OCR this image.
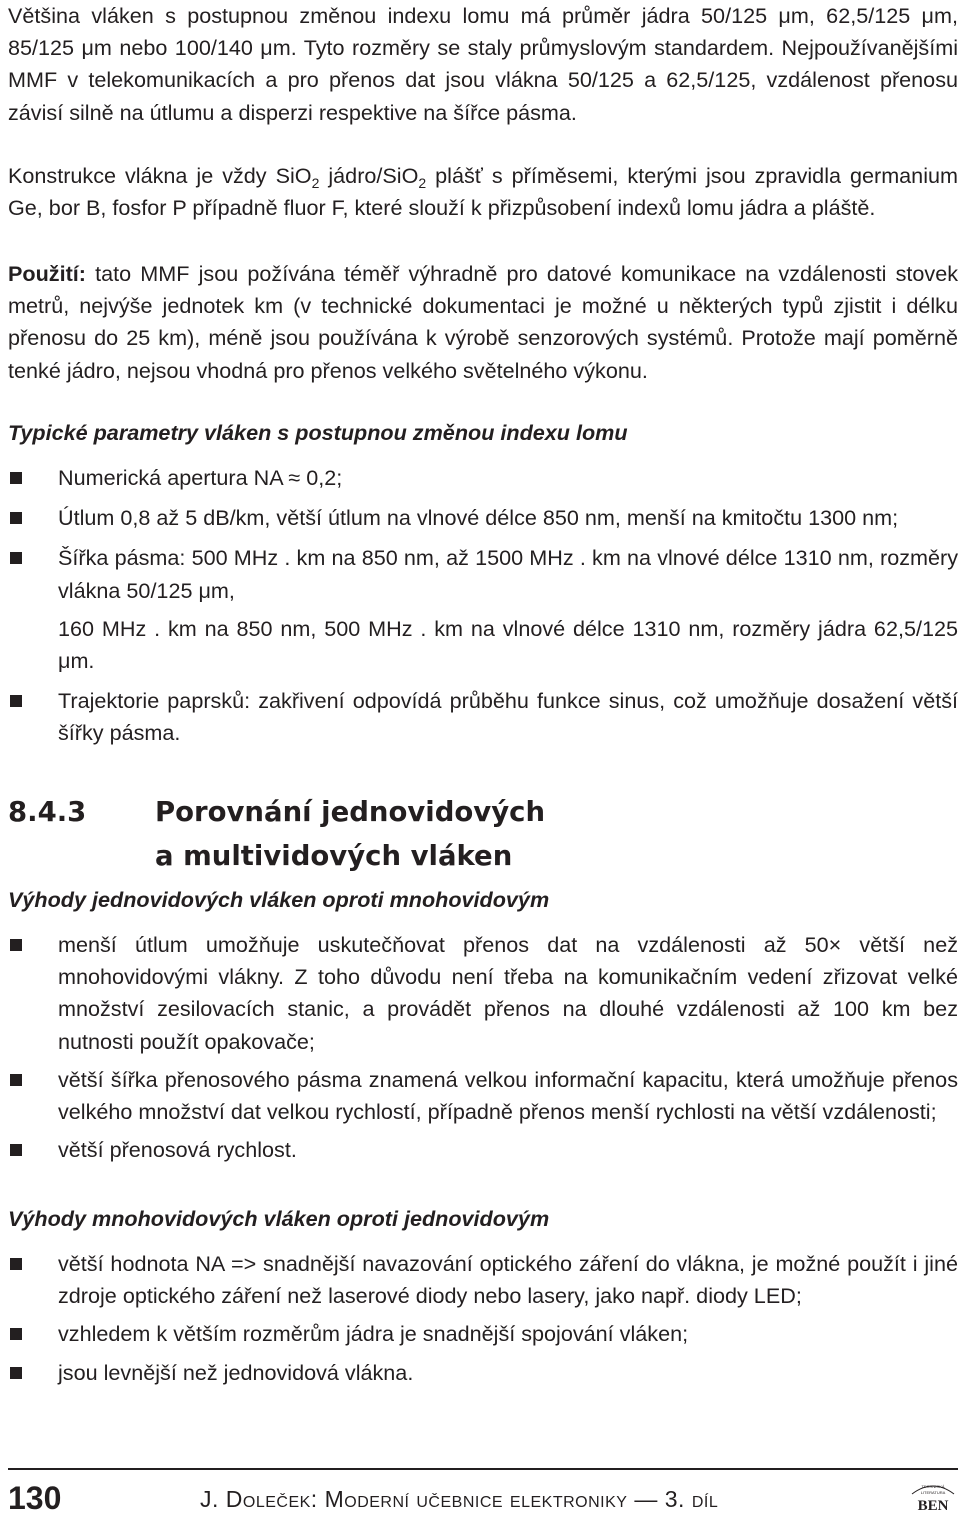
Většina vláken s postupnou změnou indexu lomu má průměr jádra 50/125 μm, 62,5/125 μm, 85/125 μm nebo 100/140 μm. Tyto rozměry se staly průmyslovým standardem. Nejpoužívanějšími MMF v telekomunikacích a pro přenos dat jsou vlákna 50/125 a 62,5/125, vzdálenost přenosu závisí silně na útlumu a disperzi respektive na šířce pásma.

Konstrukce vlákna je vždy SiO$_2$ jádro/SiO$_2$ plášť s příměsemi, kterými jsou zpravidla germanium Ge, bor B, fosfor P případně fluor F, které slouží k přizpůsobení indexů lomu jádra a pláště.

Použití: tato MMF jsou požívána téměř výhradně pro datové komunikace na vzdálenosti stovek metrů, nejvýše jednotek km (v technické dokumentaci je možné u některých typů zjistit i délku přenosu do 25 km), méně jsou používána k výrobě senzorových systémů. Protože mají poměrně tenké jádro, nejsou vhodná pro přenos velkého světelného výkonu.

Typické parametry vláken s postupnou změnou indexu lomu
Numerická apertura NA ≈ 0,2;
Útlum 0,8 až 5 dB/km, větší útlum na vlnové délce 850 nm, menší na kmitočtu 1300 nm;
Šířka pásma: 500 MHz . km na 850 nm, až 1500 MHz . km na vlnové délce 1310 nm, rozměry vlákna 50/125 μm,
160 MHz . km na 850 nm, 500 MHz . km na vlnové délce 1310 nm, rozměry jádra 62,5/125 μm.
Trajektorie paprsků: zakřivení odpovídá průběhu funkce sinus, což umožňuje dosažení větší šířky pásma.
8.4.3	Porovnání jednovidových
a multividových vláken
Výhody jednovidových vláken oproti mnohovidovým
menší útlum umožňuje uskutečňovat přenos dat na vzdálenosti až 50× větší než mnohovidovými vlákny. Z toho důvodu není třeba na komunikačním vedení zřizovat velké množství zesilovacích stanic, a provádět přenos na dlouhé vzdálenosti až 100 km bez nutnosti použít opakovače;
větší šířka přenosového pásma znamená velkou informační kapacitu, která umožňuje přenos velkého množství dat velkou rychlostí, případně přenos menší rychlosti na větší vzdálenosti;
větší přenosová rychlost.
Výhody mnohovidových vláken oproti jednovidovým
větší hodnota NA => snadnější navazování optického záření do vlákna, je možné použít i jiné zdroje optického záření než laserové diody nebo lasery, jako např. diody LED;
vzhledem k větším rozměrům jádra je snadnější spojování vláken;
jsou levnější než jednovidová vlákna.
130	J. Doleček: Moderní učebnice elektroniky — 3. díl	TECHNICKÁ
LITERATURA
BEN
